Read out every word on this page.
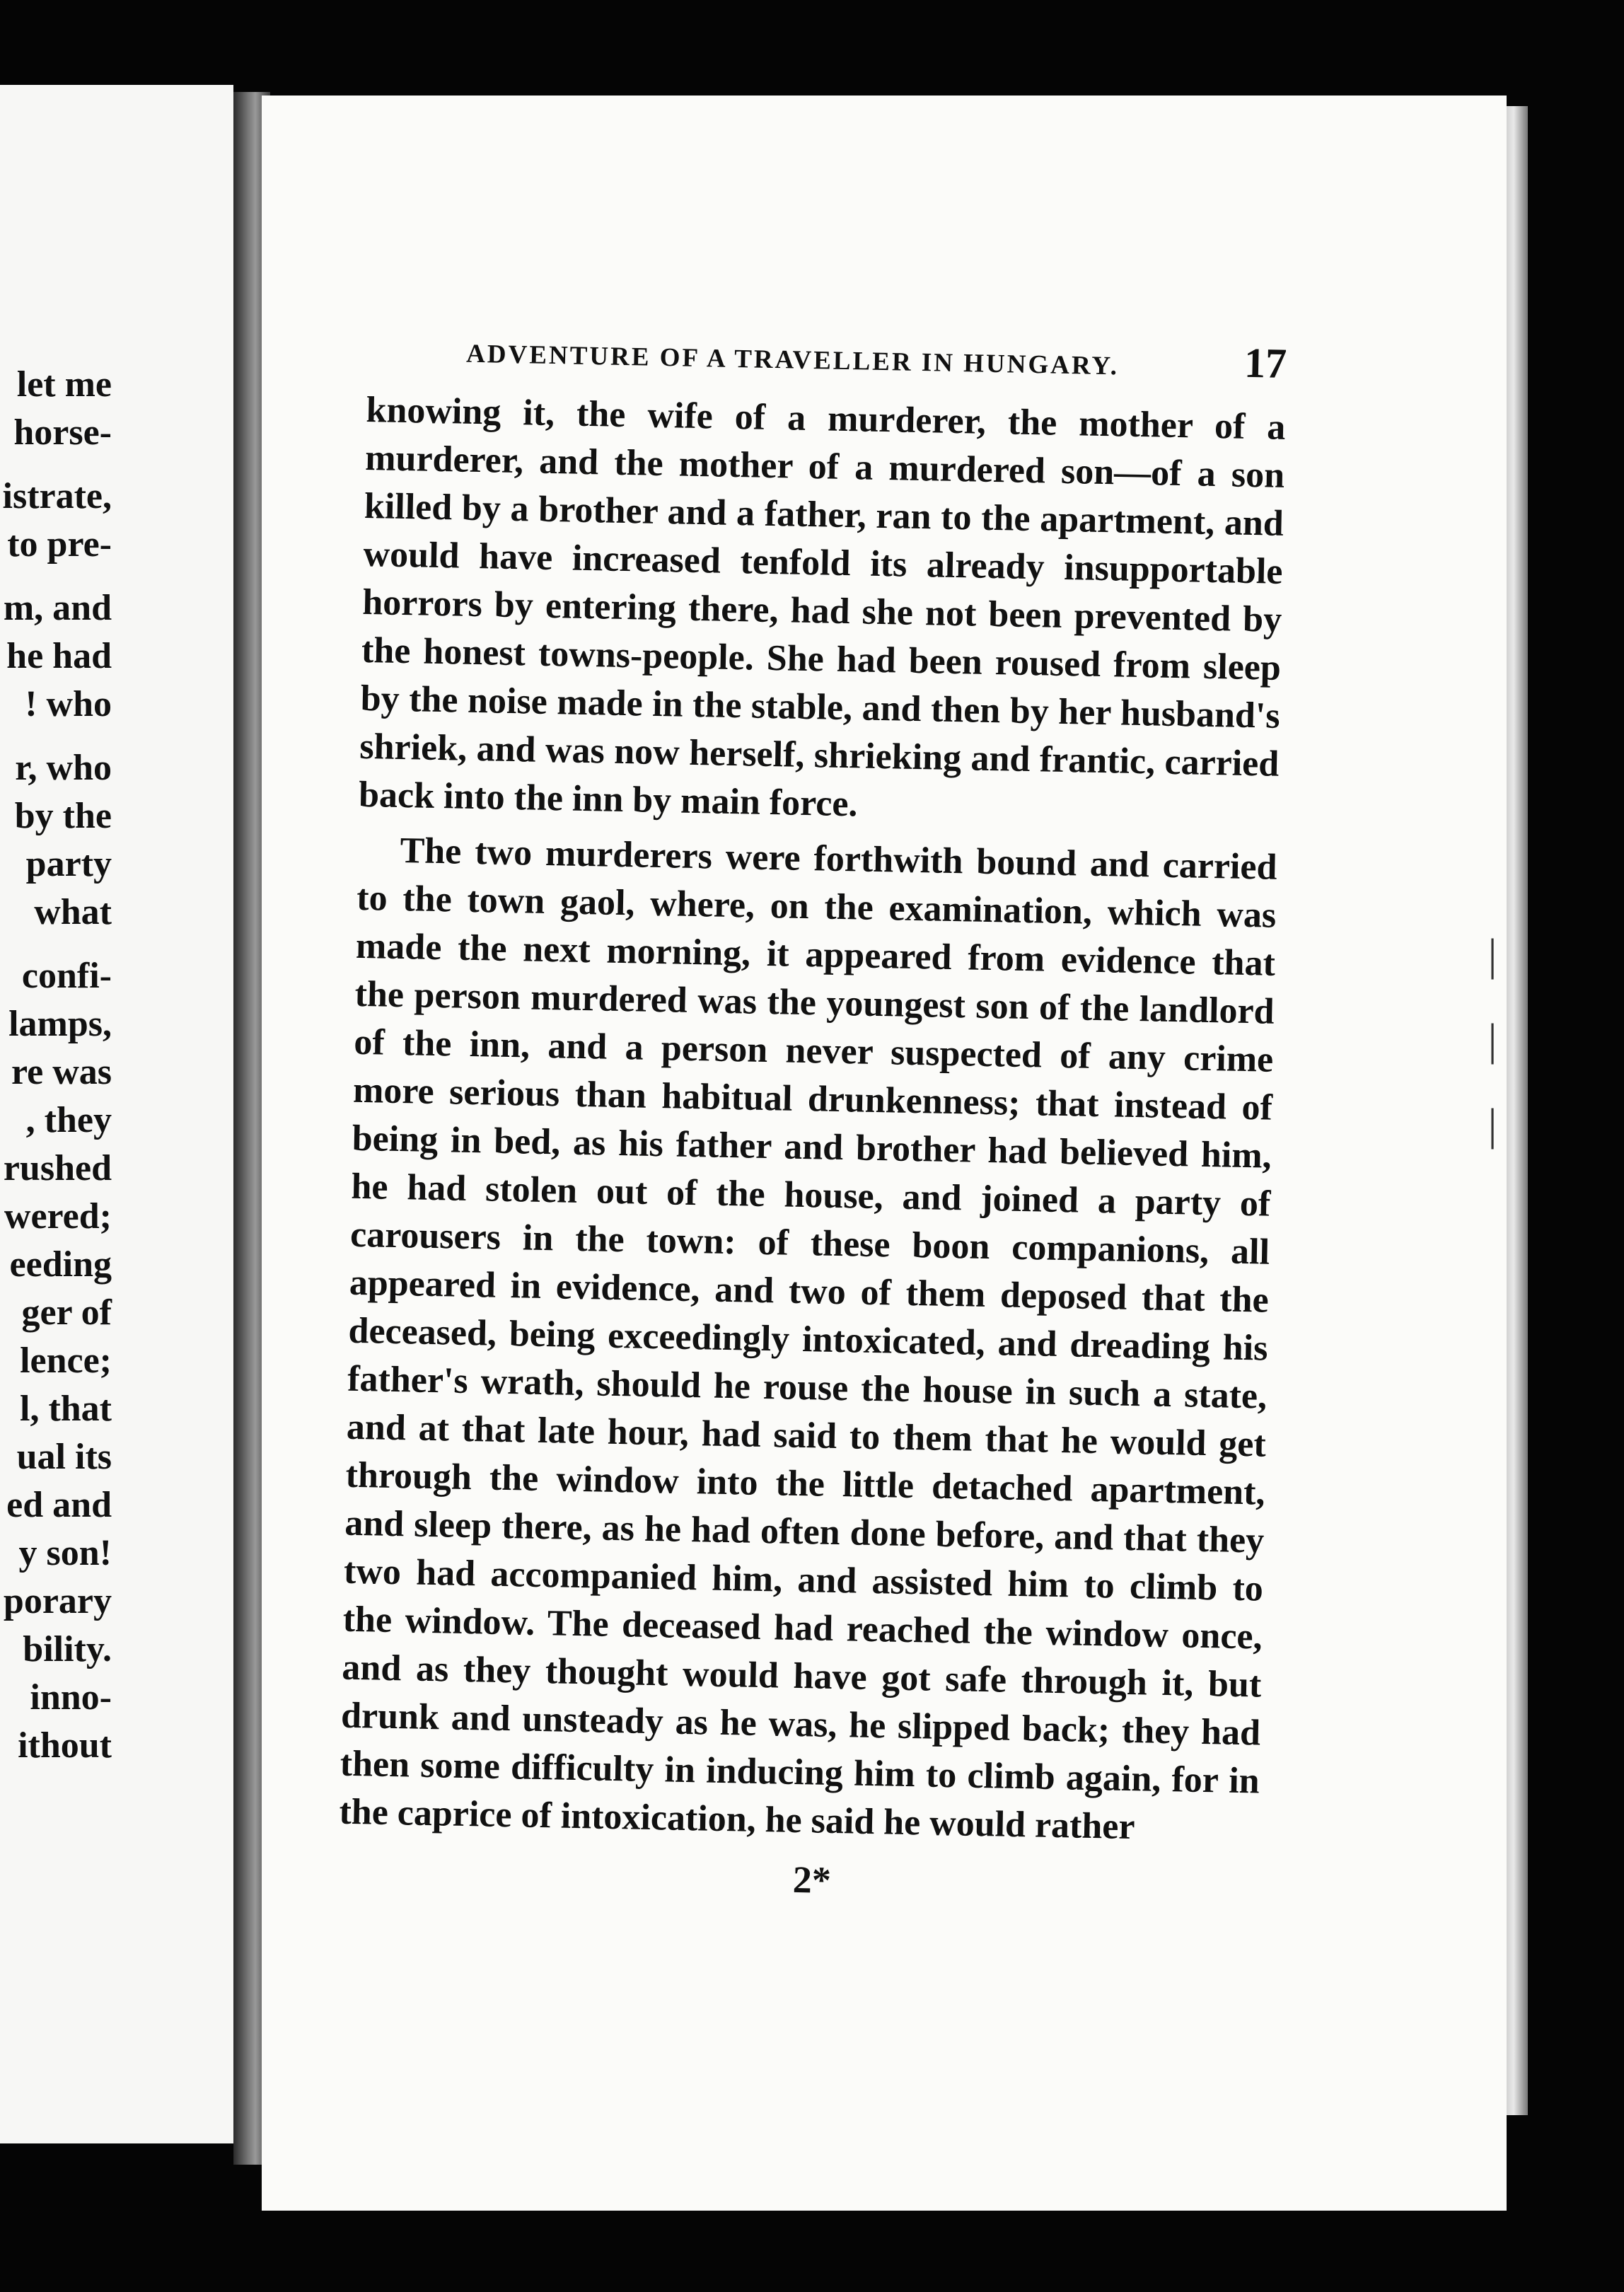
let me
horse-
istrate,
to pre-
m, and
he had
! who
r, who
by the
party
what
confi-
lamps,
re was
, they
rushed
wered;
eeding
ger of
lence;
l, that
ual its
ed and
y son!
porary
bility.
inno-
ithout
ADVENTURE OF A TRAVELLER IN HUNGARY.	17

knowing it, the wife of a murderer, the mother of a murderer, and the mother of a murdered son—of a son killed by a brother and a father, ran to the apartment, and would have increased tenfold its already insupportable horrors by entering there, had she not been prevented by the honest towns-people. She had been roused from sleep by the noise made in the stable, and then by her husband's shriek, and was now herself, shrieking and frantic, carried back into the inn by main force.

The two murderers were forthwith bound and carried to the town gaol, where, on the examination, which was made the next morning, it appeared from evidence that the person murdered was the youngest son of the landlord of the inn, and a person never suspected of any crime more serious than habitual drunkenness; that instead of being in bed, as his father and brother had believed him, he had stolen out of the house, and joined a party of carousers in the town: of these boon companions, all appeared in evidence, and two of them deposed that the deceased, being exceedingly intoxicated, and dreading his father's wrath, should he rouse the house in such a state, and at that late hour, had said to them that he would get through the window into the little detached apartment, and sleep there, as he had often done before, and that they two had accompanied him, and assisted him to climb to the window. The deceased had reached the window once, and as they thought would have got safe through it, but drunk and unsteady as he was, he slipped back; they had then some difficulty in inducing him to climb again, for in the caprice of intoxication, he said he would rather

2*
|
|
|
